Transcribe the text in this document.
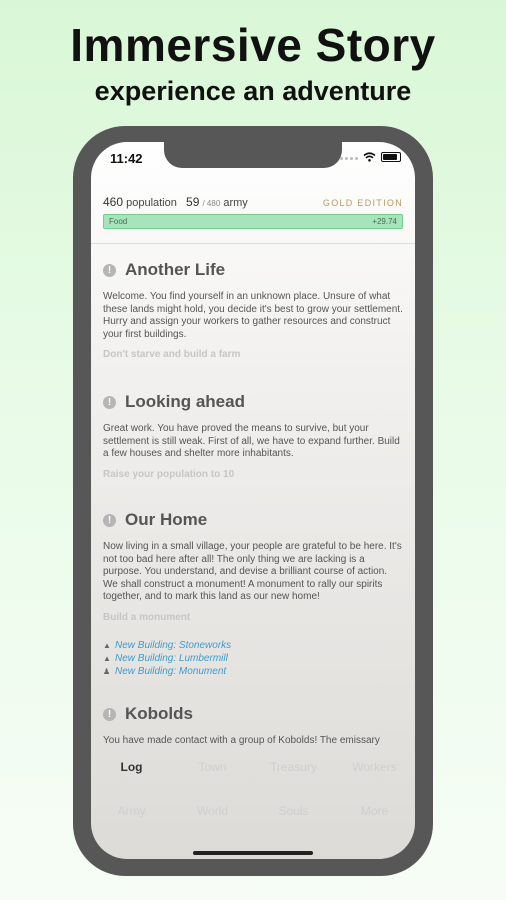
Immersive Story
experience an adventure
11:42
460
population
59
/ 480
army	GOLD EDITION
Food	+29.74
! Another Life
Welcome. You find yourself in an unknown place. Unsure of what these lands might hold, you decide it's best to grow your settlement. Hurry and assign your workers to gather resources and construct your first buildings.
Don't starve and build a farm
! Looking ahead
Great work. You have proved the means to survive, but your settlement is still weak. First of all, we have to expand further. Build a few houses and shelter more inhabitants.
Raise your population to 10
! Our Home
Now living in a small village, your people are grateful to be here. It's not too bad here after all! The only thing we are lacking is a purpose. You understand, and devise a brilliant course of action. We shall construct a monument! A monument to rally our spirits together, and to mark this land as our new home!
Build a monument
▲ New Building: Stoneworks
▲ New Building: Lumbermill
♟ New Building: Monument
! Kobolds
You have made contact with a group of Kobolds! The emissary
Log	Town	Treasury	Workers
Army	World	Souls	More
